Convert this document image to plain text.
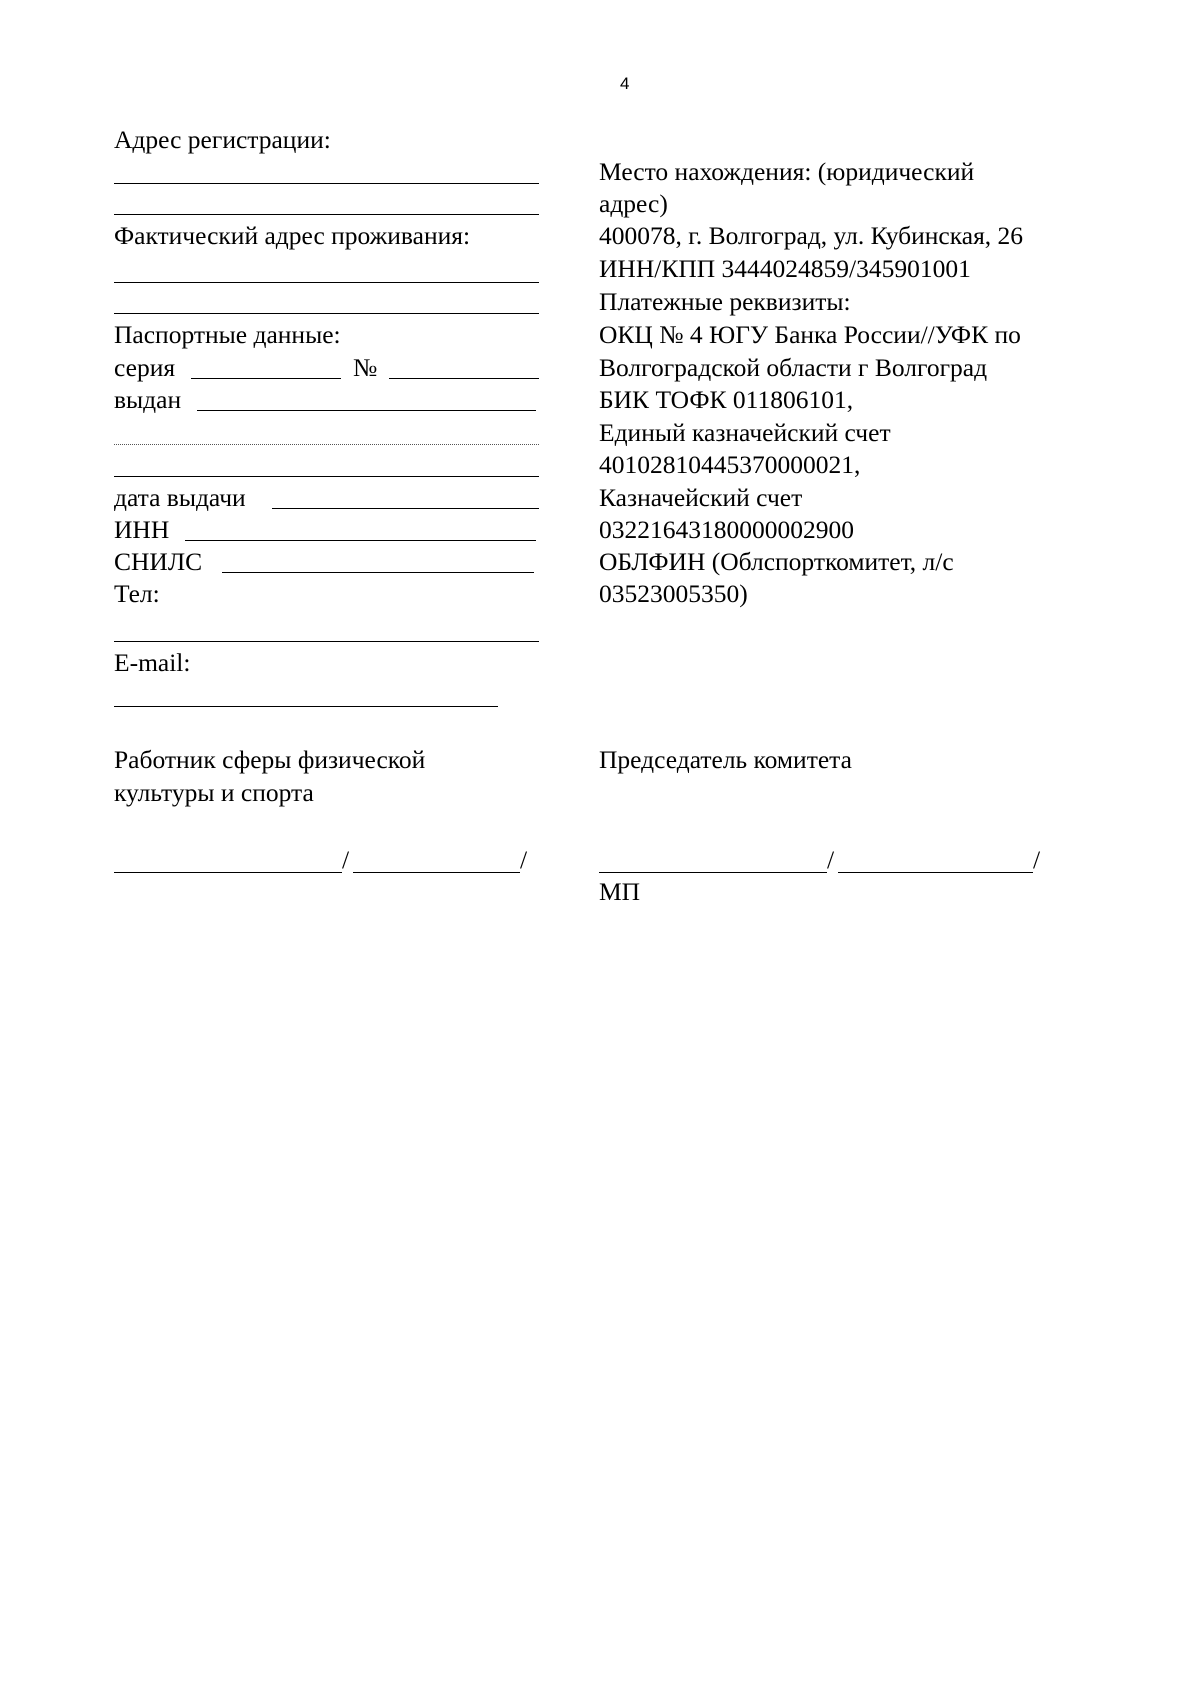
4
Адрес регистрации:
Фактический адрес проживания:
Паспортные данные:
серия	№
выдан
дата выдачи
ИНН
СНИЛС
Тел:
E-mail:
Место нахождения: (юридический
адрес)
400078, г. Волгоград, ул. Кубинская, 26
ИНН/КПП 3444024859/345901001
Платежные реквизиты:
ОКЦ № 4 ЮГУ Банка России//УФК по
Волгоградской области г Волгоград
БИК ТОФК 011806101,
Единый казначейский счет
40102810445370000021,
Казначейский счет
03221643180000002900
ОБЛФИН (Облспорткомитет, л/с
03523005350)
Работник сферы физической
культуры и спорта
Председатель комитета
/	/	/	/
МП
